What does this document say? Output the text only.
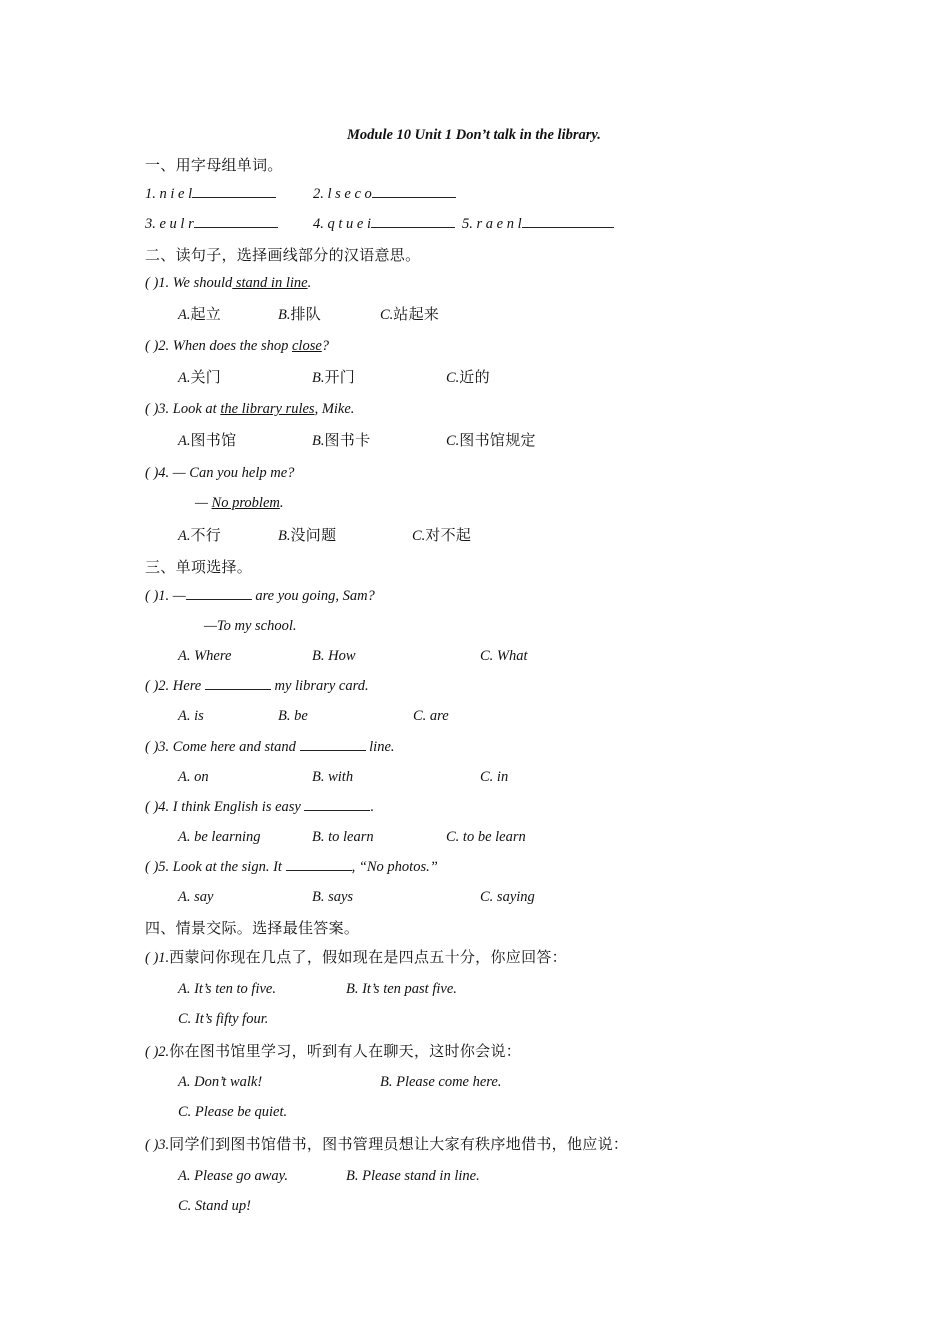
Module 10 Unit 1 Don’t talk in the library.
一、用字母组单词。
1. n i e l	2. l s e c o
3. e u l r	4. q t u e i	5. r a e n l
二、读句子，选择画线部分的汉语意思。
( )1. We should stand in line.
A.起立	B.排队	C.站起来
( )2. When does the shop close?
A.关门	B.开门	C.近的
( )3. Look at the library rules, Mike.
A.图书馆	B.图书卡	C.图书馆规定
( )4. — Can you help me?
— No problem.
A.不行	B.没问题	C.对不起
三、单项选择。
( )1. —	are you going, Sam?
—To my school.
A. Where	B. How	C. What
( )2. Here	my library card.
A. is	B. be	C. are
( )3. Come here and stand	line.
A. on	B. with	C. in
( )4. I think English is easy	.
A. be learning	B. to learn	C. to be learn
( )5. Look at the sign. It	, “No photos.”
A. say	B. says	C. saying
四、情景交际。选择最佳答案。
( )1.西蒙问你现在几点了，假如现在是四点五十分，你应回答：
A. It’s ten to five.	B. It’s ten past five.
C. It’s fifty four.
( )2.你在图书馆里学习，听到有人在聊天，这时你会说：
A. Don’t walk!	B. Please come here.
C. Please be quiet.
( )3.同学们到图书馆借书，图书管理员想让大家有秩序地借书，他应说：
A. Please go away.	B. Please stand in line.
C. Stand up!
